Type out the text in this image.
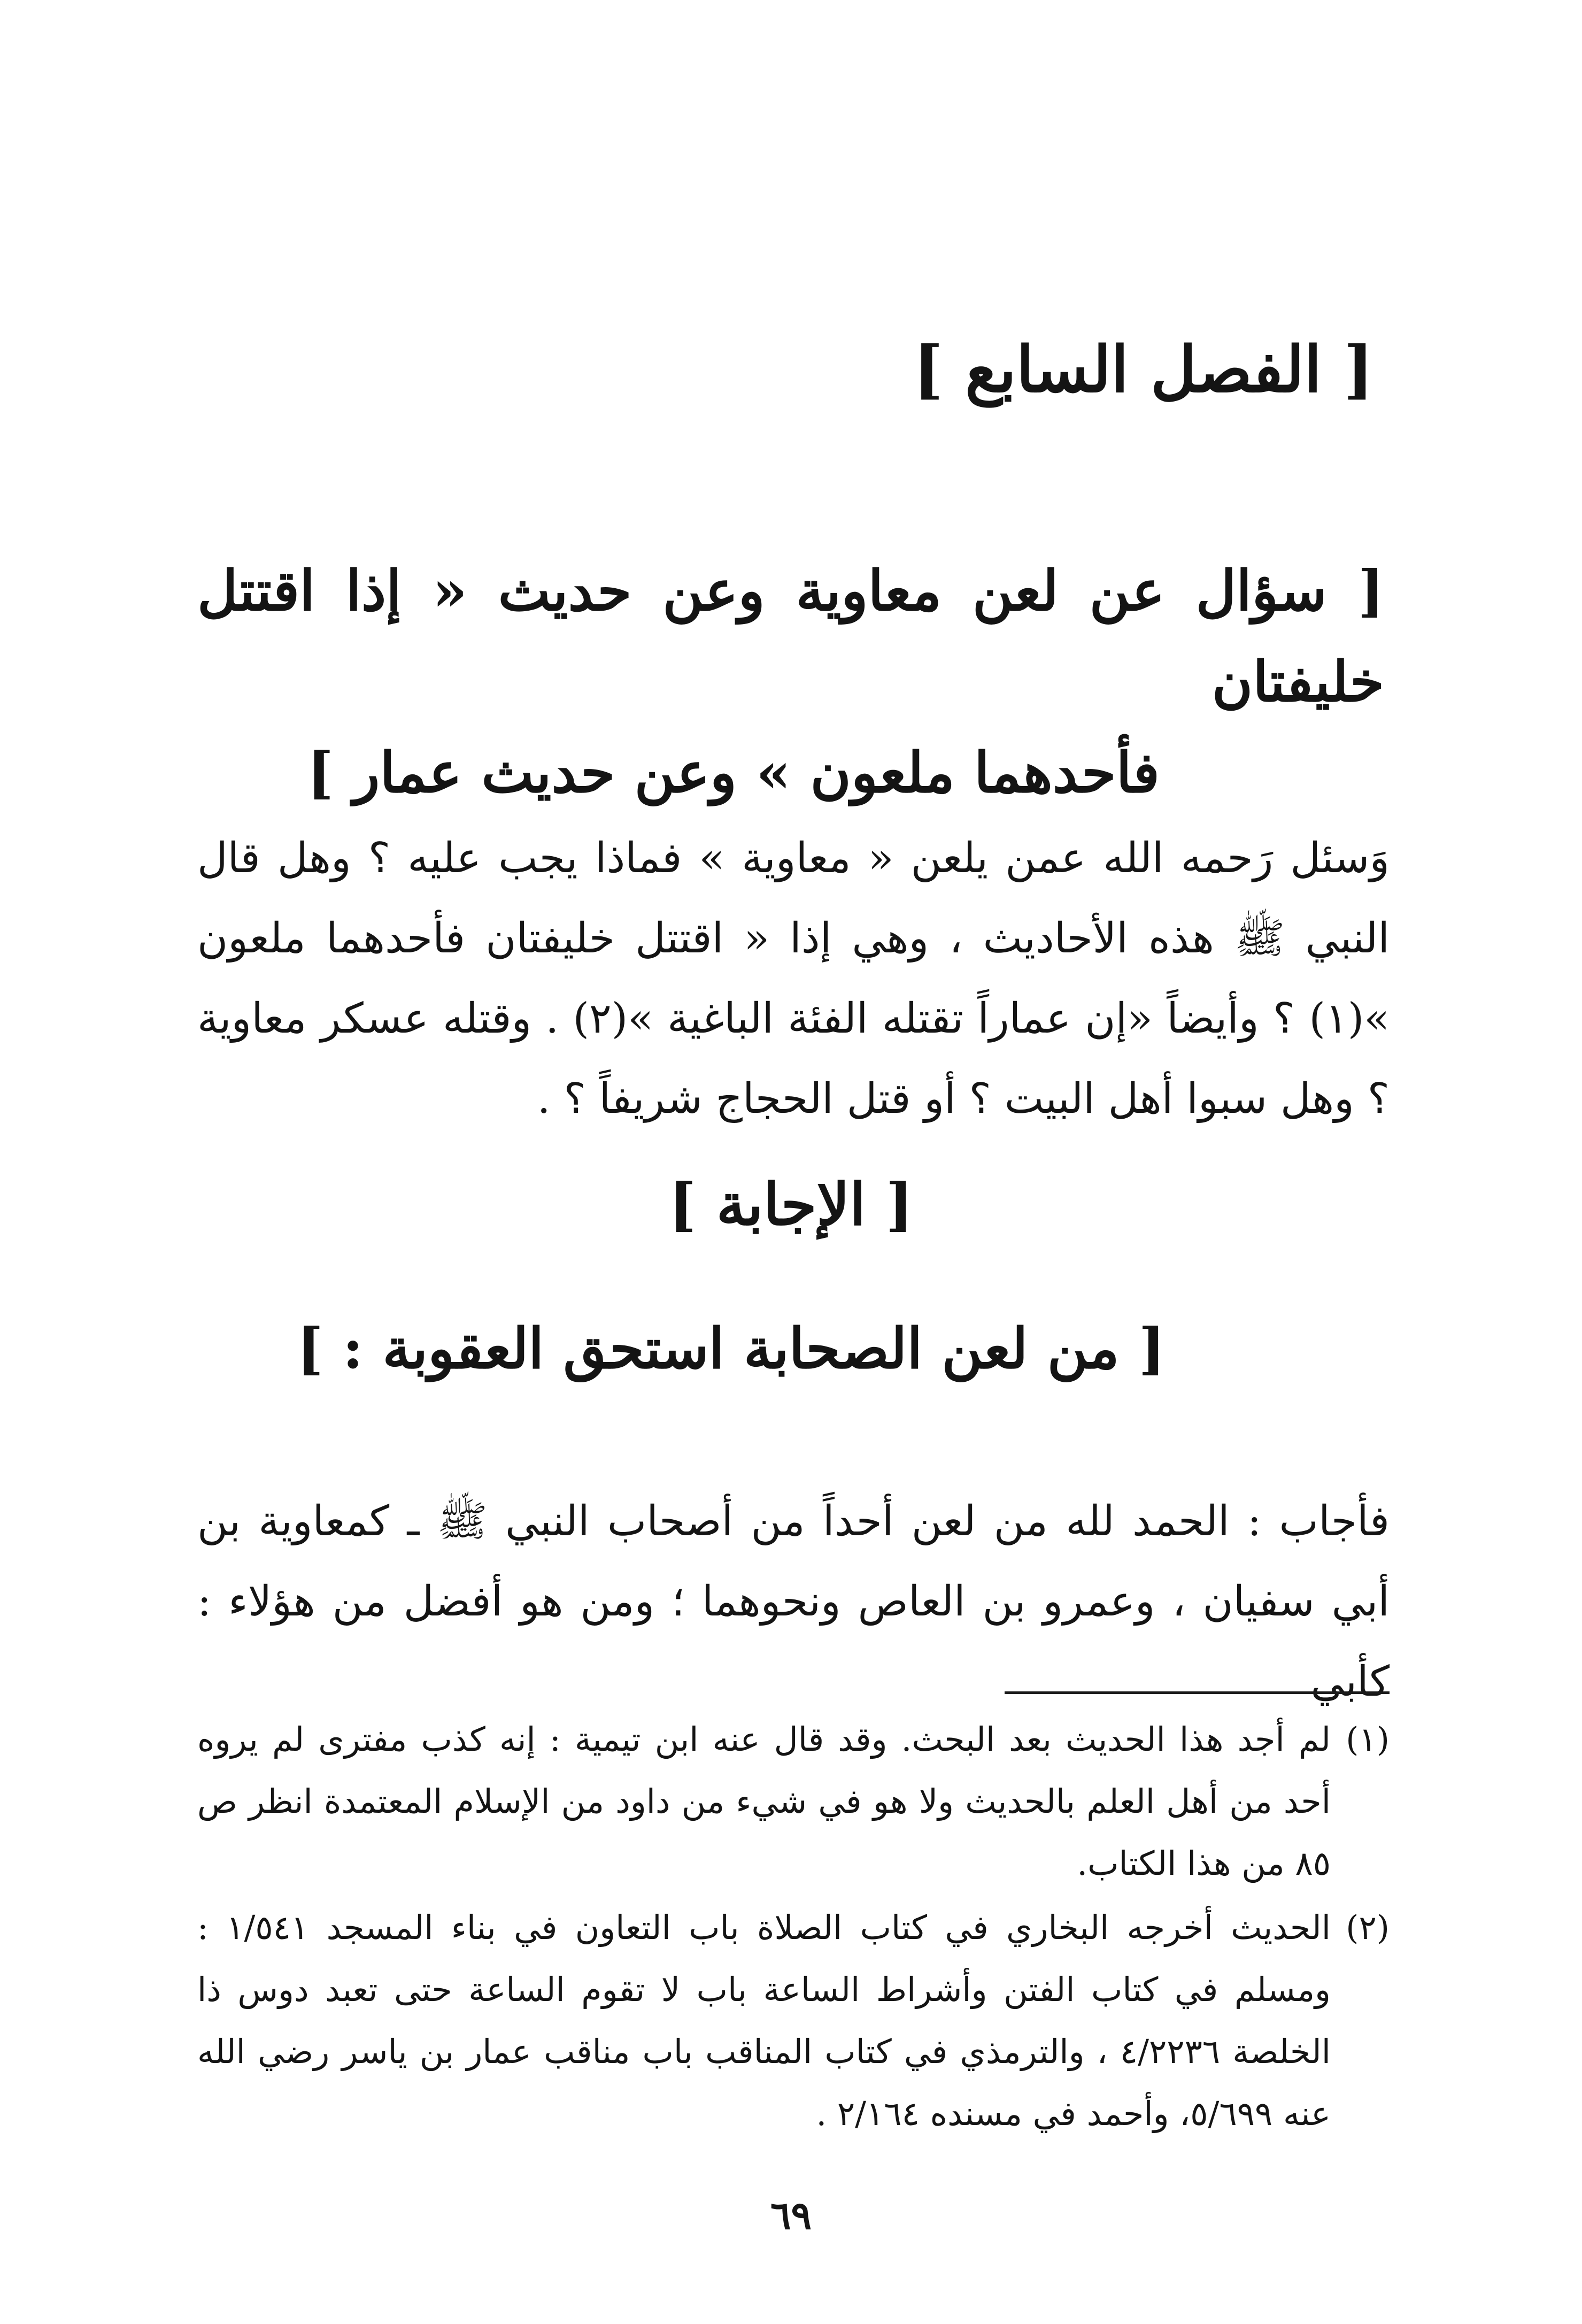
[ الفصل السابع ]
[ سؤال عن لعن معاوية وعن حديث « إذا اقتتل خليفتان
فأحدهما ملعون » وعن حديث عمار ]
وَسئل رَحمه الله عمن يلعن « معاوية » فماذا يجب عليه ؟ وهل قال النبي ﷺ هذه الأحاديث ، وهي إذا « اقتتل خليفتان فأحدهما ملعون »(١) ؟ وأيضاً «إن عماراً تقتله الفئة الباغية »(٢) . وقتله عسكر معاوية ؟ وهل سبوا أهل البيت ؟ أو قتل الحجاج شريفاً ؟ .
[ الإجابة ]
[ من لعن الصحابة استحق العقوبة : ]
فأجاب : الحمد لله من لعن أحداً من أصحاب النبي ﷺ ـ كمعاوية بن أبي سفيان ، وعمرو بن العاص ونحوهما ؛ ومن هو أفضل من هؤلاء : كأبي
(١)
لم أجد هذا الحديث بعد البحث. وقد قال عنه ابن تيمية : إنه كذب مفترى لم يروه أحد من أهل العلم بالحديث ولا هو في شيء من داود من الإسلام المعتمدة انظر ص ٨٥ من هذا الكتاب.
(٢)
الحديث أخرجه البخاري في كتاب الصلاة باب التعاون في بناء المسجد ١/٥٤١ : ومسلم في كتاب الفتن وأشراط الساعة باب لا تقوم الساعة حتى تعبد دوس ذا الخلصة ٤/٢٢٣٦ ، والترمذي في كتاب المناقب باب مناقب عمار بن ياسر رضي الله عنه ٥/٦٩٩، وأحمد في مسنده ٢/١٦٤ .
٦٩
